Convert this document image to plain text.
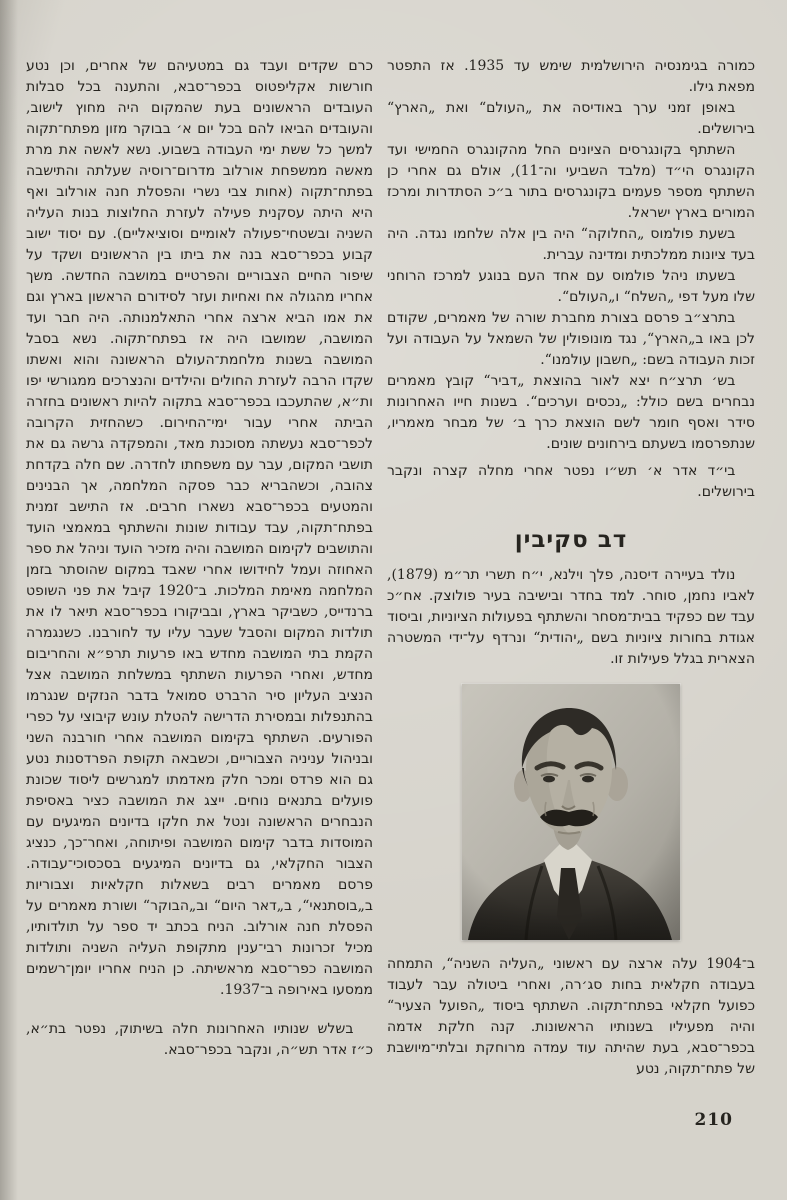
כמורה בגימנסיה הירושלמית שימש עד 1935. אז התפטר מפאת גילו.

באופן זמני ערך באודיסה את „העולם“ ואת „הארץ“ בירושלים.

השתתף בקונגרסים הציונים החל מהקונגרס החמישי ועד הקונגרס הי״ד (מלבד השביעי וה־11), אולם גם אחרי כן השתתף מספר פעמים בקונגרסים בתור ב״כ הסתדרות ומרכז המורים בארץ ישראל.

בשעת פולמוס „החלוקה“ היה בין אלה שלחמו נגדה. היה בעד ציונות ממלכתית ומדינה עברית.

בשעתו ניהל פולמוס עם אחד העם בנוגע למרכז הרוחני שלו מעל דפי „השלח“ ו„העולם“.

בתרצ״ב פרסם בצורת מחברת שורה של מאמרים, שקודם לכן באו ב„הארץ“, נגד מונופולין של השמאל על העבודה ועל זכות העבודה בשם: „חשבון עולמנו“.

בש׳ תרצ״ח יצא לאור בהוצאת „דביר“ קובץ מאמרים נבחרים בשם כולל: „נכסים וערכים“. בשנות חייו האחרונות סידר ואסף חומר לשם הוצאת כרך ב׳ של מבחר מאמריו, שנתפרסמו בשעתם בירחונים שונים.

בי״ד אדר א׳ תש״ו נפטר אחרי מחלה קצרה ונקבר בירושלים.

דב סקיבין

נולד בעיירה דיסנה, פלך וילנא, י״ח תשרי תר״מ (1879), לאביו נחמן, סוחר. למד בחדר ובישיבה בעיר פולוצק. אח״כ עבד שם כפקיד בבית־מסחר והשתתף בפעולות הציוניות, וביסוד אגודת בחורות ציוניות בשם „יהודית“ ונרדף על־ידי המשטרה הצארית בגלל פעילות זו.

ב־1904 עלה ארצה עם ראשוני „העליה השניה“, התמחה בעבודה חקלאית בחות סג׳רה, ואחרי ביטולה עבר לעבוד כפועל חקלאי בפתח־תקוה. השתתף ביסוד „הפועל הצעיר“ והיה מפעיליו בשנותיו הראשונות. קנה חלקת אדמה בכפר־סבא, בעת שהיתה עוד עמדה מרוחקת ובלתי־מיושבת של פתח־תקוה, נטע

כרם שקדים ועבד גם במטעיהם של אחרים, וכן נטע חורשות אקליפטוס בכפר־סבא, והתענה בכל סבלות העובדים הראשונים בעת שהמקום היה מחוץ לישוב, והעובדים הביאו להם בכל יום א׳ בבוקר מזון מפתח־תקוה למשך כל ששת ימי העבודה בשבוע. נשא לאשה את מרת מאשה ממשפחת אורלוב מדרום־רוסיה שעלתה והתישבה בפתח־תקוה (אחות צבי נשרי והפסלת חנה אורלוב ואף היא היתה עסקנית פעילה לעזרת החלוצות בנות העליה השניה ובשטחי־פעולה לאומיים וסוציאליים). עם יסוד ישוב קבוע בכפר־סבא בנה את ביתו בין הראשונים ושקד על שיפור החיים הצבוריים והפרטיים במושבה החדשה. משך אחריו מהגולה אח ואחיות ועזר לסידורם הראשון בארץ וגם את אמו הביא ארצה אחרי התאלמנותה. היה חבר ועד המושבה, שמושבו היה אז בפתח־תקוה. נשא בסבל המושבה בשנות מלחמת־העולם הראשונה והוא ואשתו שקדו הרבה לעזרת החולים והילדים והנצרכים ממגורשי יפו ות״א, שהתעכבו בכפר־סבא בתקוה להיות ראשונים בחזרה הביתה אחרי עבור ימי־החירום. כשהחזית הקרובה לכפר־סבא נעשתה מסוכנת מאד, והמפקדה גרשה גם את תושבי המקום, עבר עם משפחתו לחדרה. שם חלה בקדחת צהובה, וכשהבריא כבר פסקה המלחמה, אך הבנינים והמטעים בכפר־סבא נשארו חרבים. אז התישב זמנית בפתח־תקוה, עבד עבודות שונות והשתתף במאמצי הועד והתושבים לקימום המושבה והיה מזכיר הועד וניהל את ספר האחוזה ועמל לחידושו אחרי שאבד במקום שהוסתר בזמן המלחמה מאימת המלכות. ב־1920 קיבל את פני השופט ברנדייס, כשביקר בארץ, ובביקורו בכפר־סבא תיאר לו את תולדות המקום והסבל שעבר עליו עד לחורבנו. כשנגמרה הקמת בתי המושבה מחדש באו פרעות תרפ״א והחריבום מחדש, ואחרי הפרעות השתתף במשלחת המושבה אצל הנציב העליון סיר הרברט סמואל בדבר הנזקים שנגרמו בהתנפלות ובמסירת הדרישה להטלת עונש קיבוצי על כפרי הפורעים. השתתף בקימום המושבה אחרי חורבנה השני ובניהול עניניה הצבוריים, וכשבאה תקופת הפרדסנות נטע גם הוא פרדס ומכר חלק מאדמתו למגרשים ליסוד שכונת פועלים בתנאים נוחים. ייצג את המושבה כציר באסיפת הנבחרים הראשונה ונטל את חלקו בדיונים המיגעים עם המוסדות בדבר קימום המושבה ופיתוחה, ואחר־כך, כנציג הצבור החקלאי, גם בדיונים המיגעים בסכסוכי־עבודה. פרסם מאמרים רבים בשאלות חקלאיות וצבוריות ב„בוסתנאי“, ב„דאר היום“ וב„הבוקר“ ושורת מאמרים על הפסלת חנה אורלוב. הניח בכתב יד ספר על תולדותיו, מכיל זכרונות רבי־ענין מתקופת העליה השניה ותולדות המושבה כפר־סבא מראשיתה. כן הניח אחריו יומן־רשמים ממסעו באירופה ב־1937.

בשלש שנותיו האחרונות חלה בשיתוק, נפטר בת״א, כ״ז אדר תש״ה, ונקבר בכפר־סבא.

210
